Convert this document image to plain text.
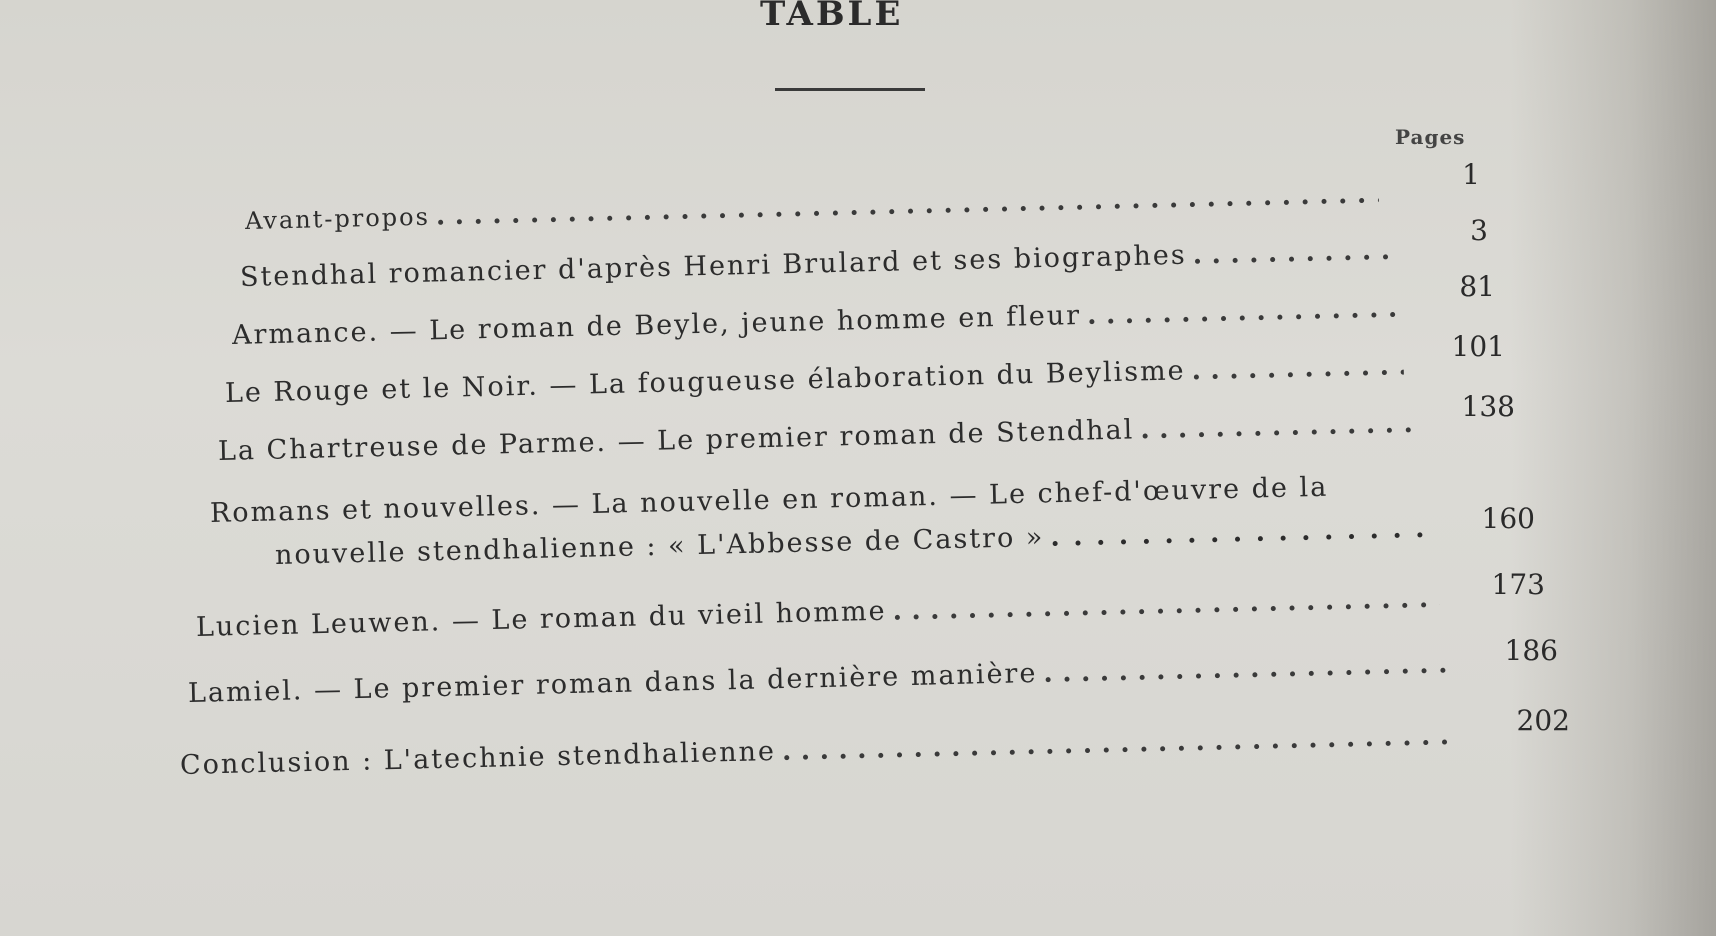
TABLE
Pages
Avant-propos
. . .
1
Stendhal romancier d'après Henri Brulard et ses biographes
. . .
3
Armance. — Le roman de Beyle, jeune homme en fleur
. . .
81
Le Rouge et le Noir. — La fougueuse élaboration du Beylisme
. . .
101
La Chartreuse de Parme. — Le premier roman de Stendhal
. . .
138
Romans et nouvelles. — La nouvelle en roman. — Le chef-d'œuvre de la
nouvelle stendhalienne : « L'Abbesse de Castro »
. . .
160
Lucien Leuwen. — Le roman du vieil homme
. . .
173
Lamiel. — Le premier roman dans la dernière manière
. . .
186
Conclusion : L'atechnie stendhalienne
. . .
202
